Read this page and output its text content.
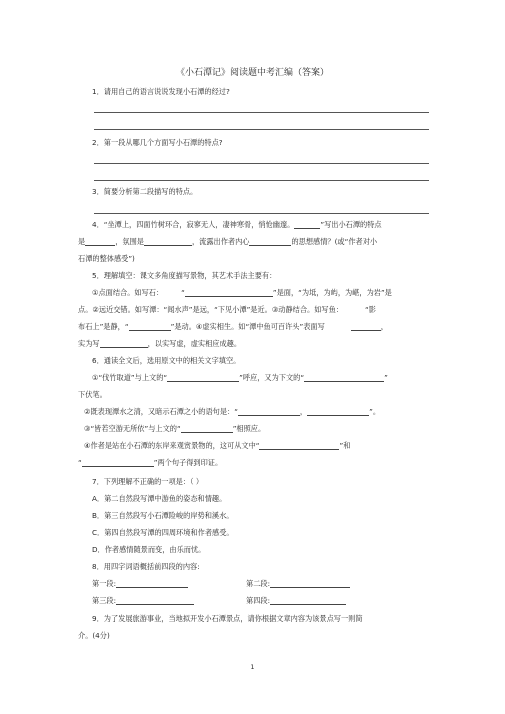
《小石潭记》阅读题中考汇编（答案）
1．请用自己的语言说说发现小石潭的经过?
2．第一段从哪几个方面写小石潭的特点?
3．简要分析第二段描写的特点。
4．“坐潭上，四面竹树环合，寂寥无人，凄神寒骨，悄怆幽邃。	”写出小石潭的特点
是	，氛围是	，流露出作者内心	的思想感情？(或“作者对小
石潭的整体感受”)
5．理解填空：课文多角度描写景物，其艺术手法主要有：
①点面结合。如写石：	“	”是面，“为坻，为屿，为嵁，为岩”是
点。②远近交错。如写潭：“闻水声”是远，“下见小潭”是近。③动静结合。如写鱼：	“影
布石上”是静，“	”是动。④虚实相生。如“潭中鱼可百许头”表面写	，
实为写	，以实写虚，虚实相应成趣。
6．通读全文后，选用原文中的相关文字填空。
①“伐竹取道”与上文的“	”呼应，又为下文的“	”
下伏笔。
②既表现潭水之清，又暗示石潭之小的语句是：“	，	”。
③“皆若空游无所依”与上文的“	”相照应。
④作者是站在小石潭的东岸来观赏景物的，这可从文中“	”和
“	”两个句子得到印证。
7．下列理解不正确的一项是：（ ）
A．第二自然段写潭中游鱼的姿态和情趣。
B．第三自然段写小石潭险峻的岸势和溪水。
C．第四自然段写潭的四周环境和作者感受。
D．作者感情随景而变，由乐而忧。
8．用四字词语概括前四段的内容:
第一段:	第二段:
第三段:	第四段:
9．为了发展旅游事业，当地拟开发小石潭景点，请你根据文章内容为该景点写一则简
介。(4分)
1
